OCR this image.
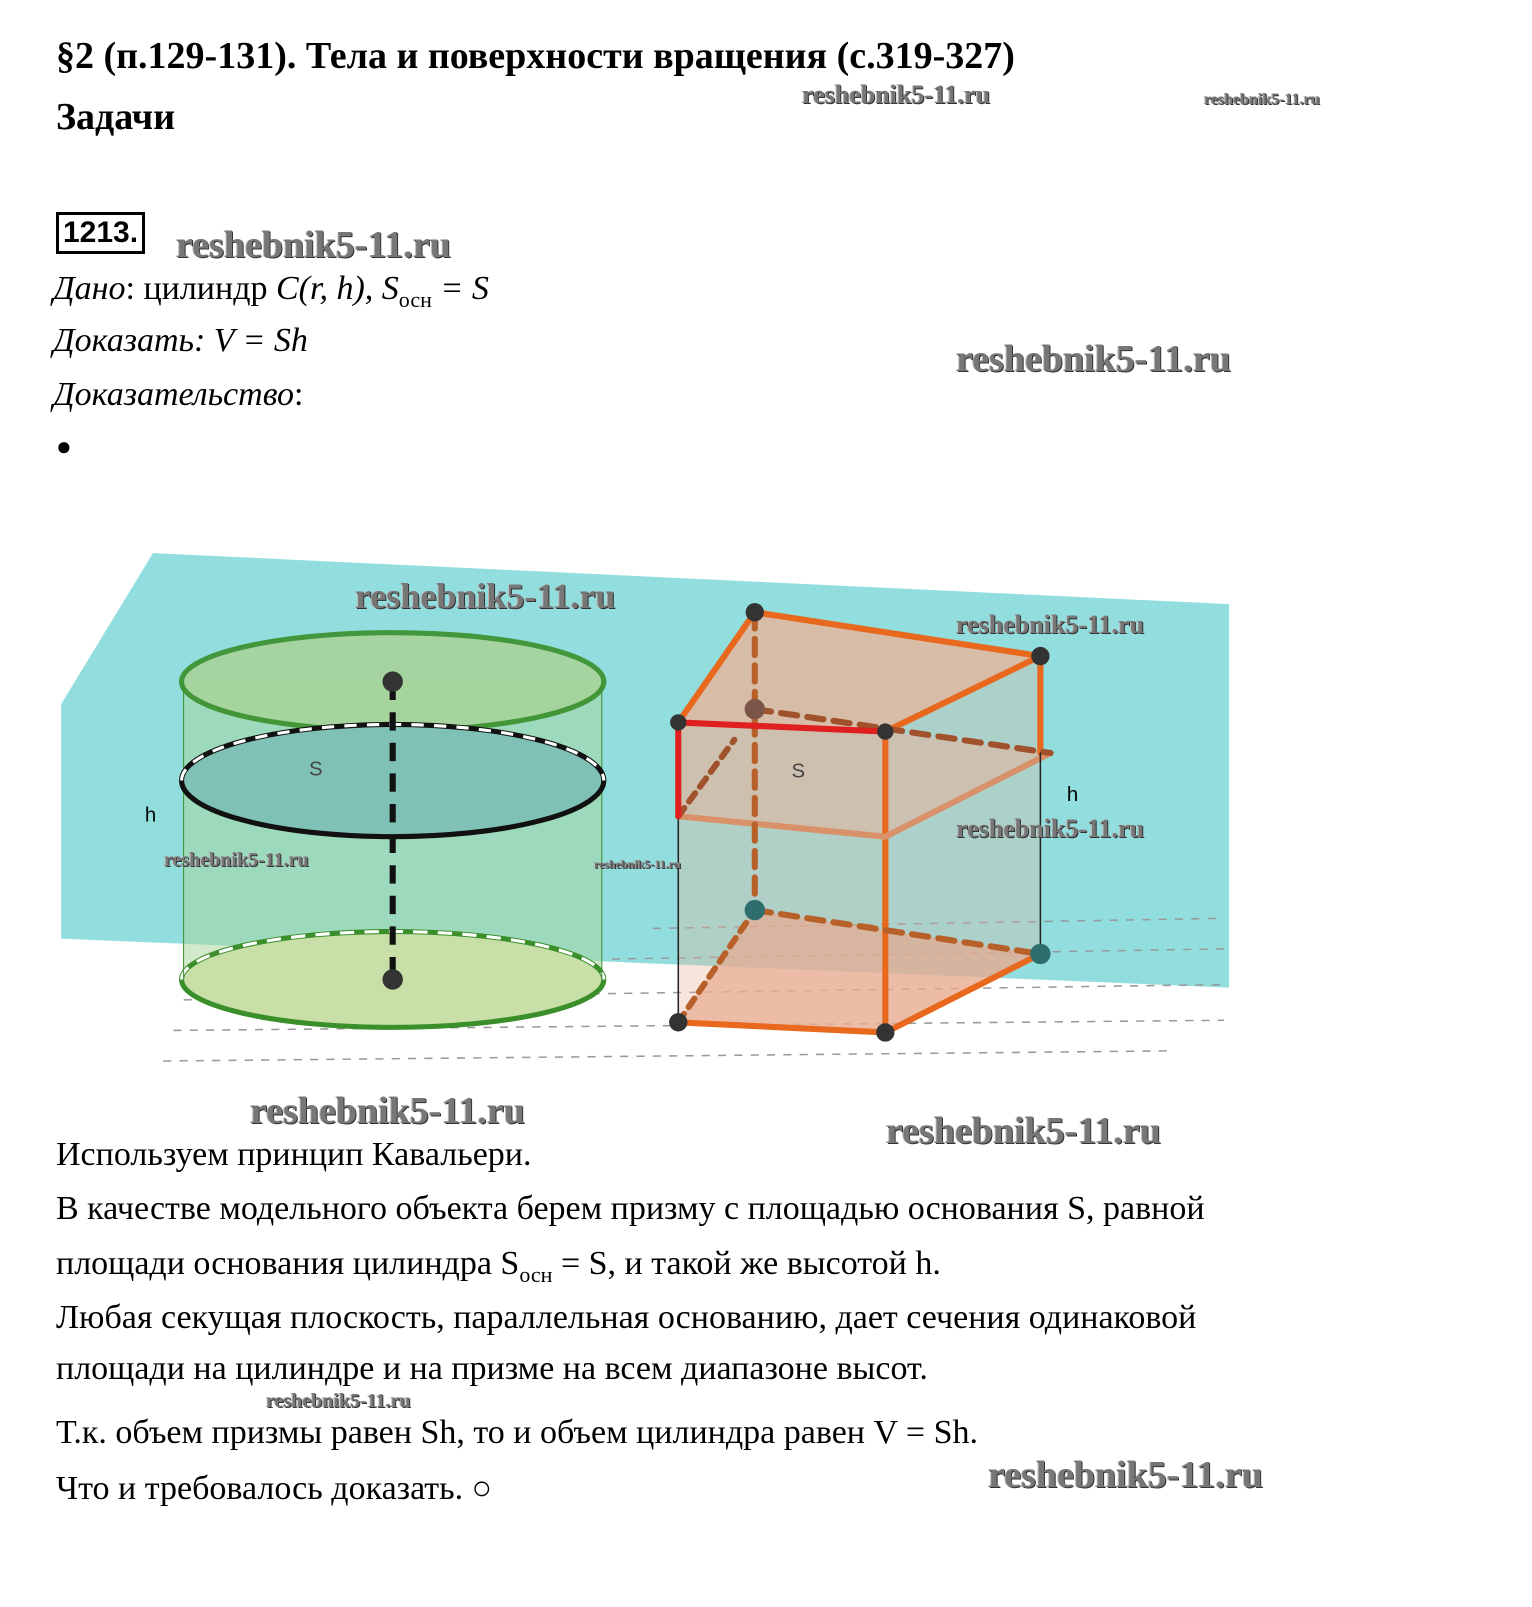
S
h
S
h
§2 (п.129-131). Тела и поверхности вращения (с.319-327)
Задачи
1213.
Дано: цилиндр C(r, h), $S_{осн} = S$
Доказать: V = Sh
Доказательство:
●
Используем принцип Кавальери.
В качестве модельного объекта берем призму с площадью основания S, равной
площади основания цилиндра $S_{осн} = S$, и такой же высотой h.
Любая секущая плоскость, параллельная основанию, дает сечения одинаковой
площади на цилиндре и на призме на всем диапазоне высот.
Т.к. объем призмы равен Sh, то и объем цилиндра равен V = Sh.
Что и требовалось доказать. ○
reshebnik5-11.ru	reshebnik5-11.ru
reshebnik5-11.ru
reshebnik5-11.ru
reshebnik5-11.ru
reshebnik5-11.ru
reshebnik5-11.ru
reshebnik5-11.ru	reshebnik5-11.ru
reshebnik5-11.ru	reshebnik5-11.ru
reshebnik5-11.ru
reshebnik5-11.ru
